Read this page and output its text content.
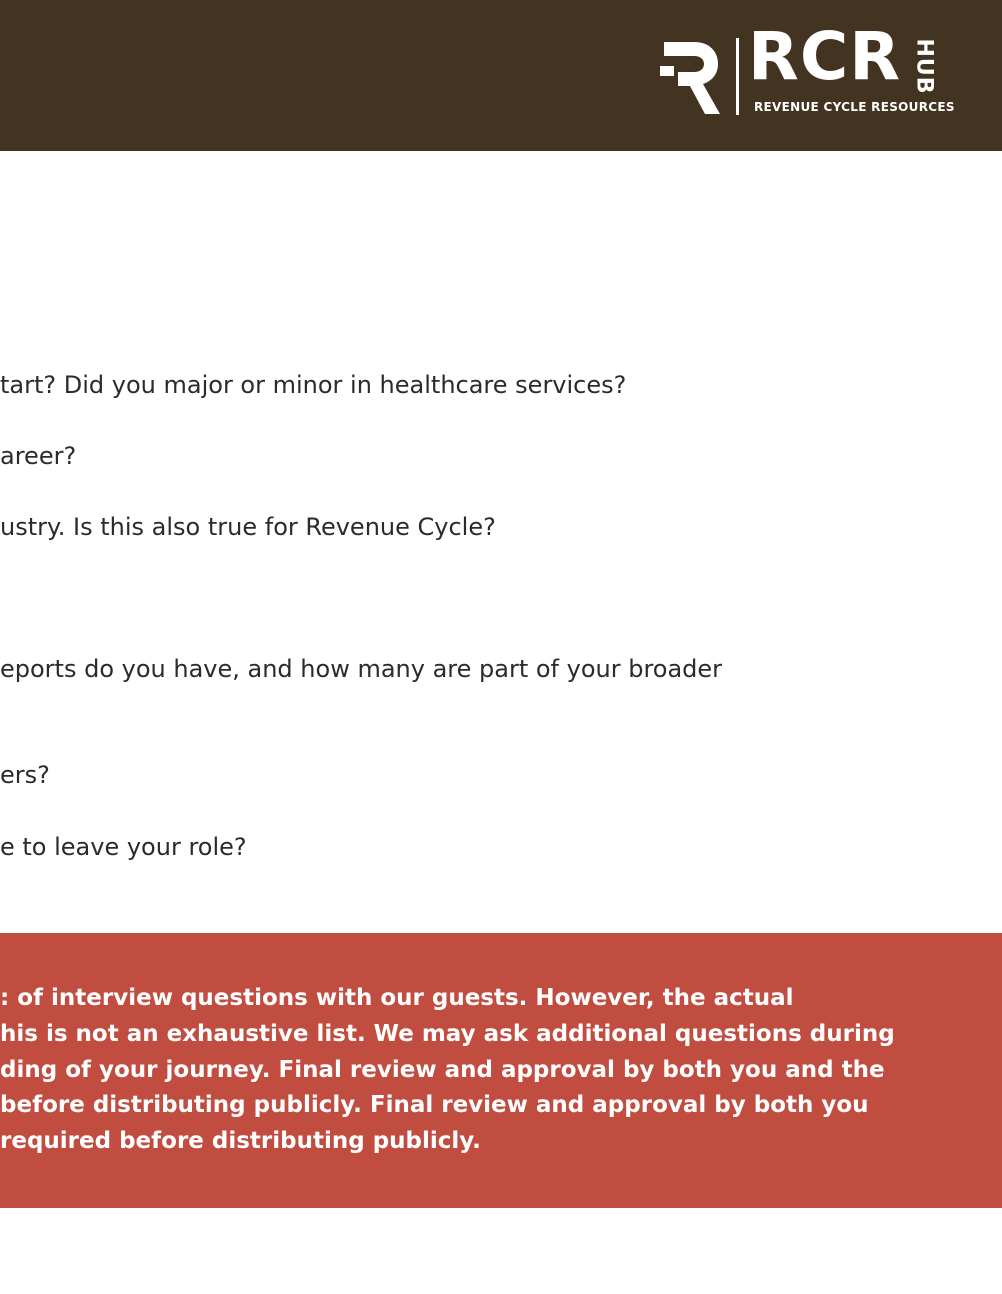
RCR HUB
REVENUE CYCLE RESOURCES
tart? Did you major or minor in healthcare services?
areer?
ustry. Is this also true for Revenue Cycle?
eports do you have, and how many are part of your broader
ers?
e to leave your role?
: of interview questions with our guests. However, the actual
his is not an exhaustive list. We may ask additional questions during
ding of your journey. Final review and approval by both you and the
before distributing publicly. Final review and approval by both you
required before distributing publicly.
